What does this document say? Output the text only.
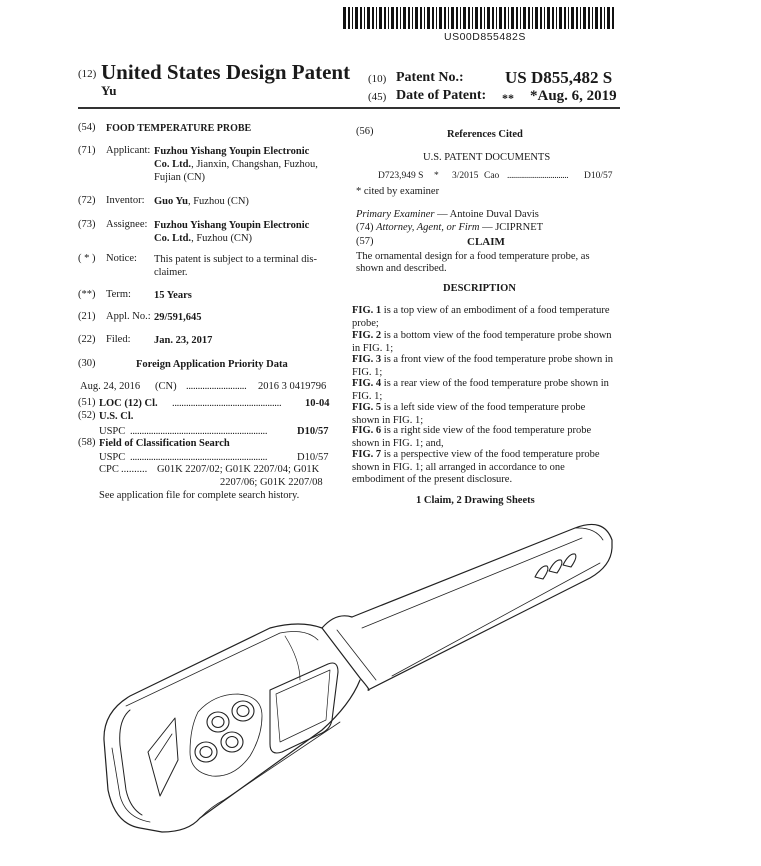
US00D855482S
(12) United States Design Patent
Yu
(10) Patent No.: US D855,482 S
(45) Date of Patent: ** *Aug. 6, 2019
(54) FOOD TEMPERATURE PROBE
(71) Applicant: Fuzhou Yishang Youpin Electronic
Co. Ltd., Jianxin, Changshan, Fuzhou,
Fujian (CN)
(72) Inventor: Guo Yu, Fuzhou (CN)
(73) Assignee: Fuzhou Yishang Youpin Electronic
Co. Ltd., Fuzhou (CN)
( * ) Notice: This patent is subject to a terminal dis-
claimer.
(**) Term: 15 Years
(21) Appl. No.: 29/591,645
(22) Filed: Jan. 23, 2017
(30)	Foreign Application Priority Data
Aug. 24, 2016 (CN) .......................... 2016 3 0419796
(51) LOC (12) Cl. ............................................... 10-04
(52) U.S. Cl.
USPC ...........................................................	D10/57
(58) Field of Classification Search
USPC ...........................................................	D10/57
CPC .......... G01K 2207/02; G01K 2207/04; G01K
2207/06; G01K 2207/08
See application file for complete search history.
(56)	References Cited
U.S. PATENT DOCUMENTS
D723,949 S * 3/2015 Cao ............................... D10/57
* cited by examiner
Primary Examiner — Antoine Duval Davis
(74) Attorney, Agent, or Firm — JCIPRNET
(57)	CLAIM
The ornamental design for a food temperature probe, as
shown and described.
DESCRIPTION
FIG. 1 is a top view of an embodiment of a food temperature probe;
FIG. 2 is a bottom view of the food temperature probe shown in FIG. 1;
FIG. 3 is a front view of the food temperature probe shown in FIG. 1;
FIG. 4 is a rear view of the food temperature probe shown in FIG. 1;
FIG. 5 is a left side view of the food temperature probe shown in FIG. 1;
FIG. 6 is a right side view of the food temperature probe shown in FIG. 1; and,
FIG. 7 is a perspective view of the food temperature probe shown in FIG. 1; all arranged in accordance to one embodiment of the present disclosure.
1 Claim, 2 Drawing Sheets
